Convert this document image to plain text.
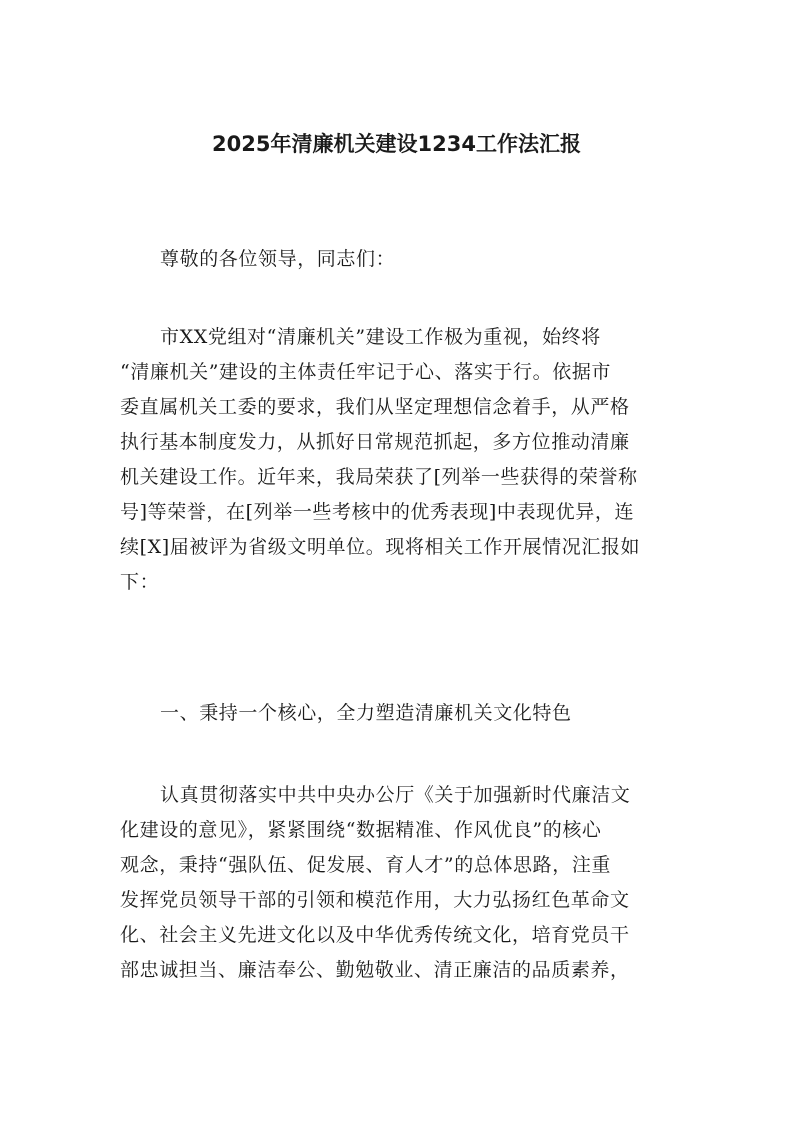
2025年清廉机关建设1234工作法汇报

尊敬的各位领导，同志们：

市XX党组对“清廉机关”建设工作极为重视，始终将
“清廉机关”建设的主体责任牢记于心、落实于行。依据市
委直属机关工委的要求，我们从坚定理想信念着手，从严格
执行基本制度发力，从抓好日常规范抓起，多方位推动清廉
机关建设工作。近年来，我局荣获了[列举一些获得的荣誉称
号]等荣誉，在[列举一些考核中的优秀表现]中表现优异，连
续[X]届被评为省级文明单位。现将相关工作开展情况汇报如
下：

一、秉持一个核心，全力塑造清廉机关文化特色

认真贯彻落实中共中央办公厅《关于加强新时代廉洁文
化建设的意见》，紧紧围绕“数据精准、作风优良”的核心
观念，秉持“强队伍、促发展、育人才”的总体思路，注重
发挥党员领导干部的引领和模范作用，大力弘扬红色革命文
化、社会主义先进文化以及中华优秀传统文化，培育党员干
部忠诚担当、廉洁奉公、勤勉敬业、清正廉洁的品质素养，
